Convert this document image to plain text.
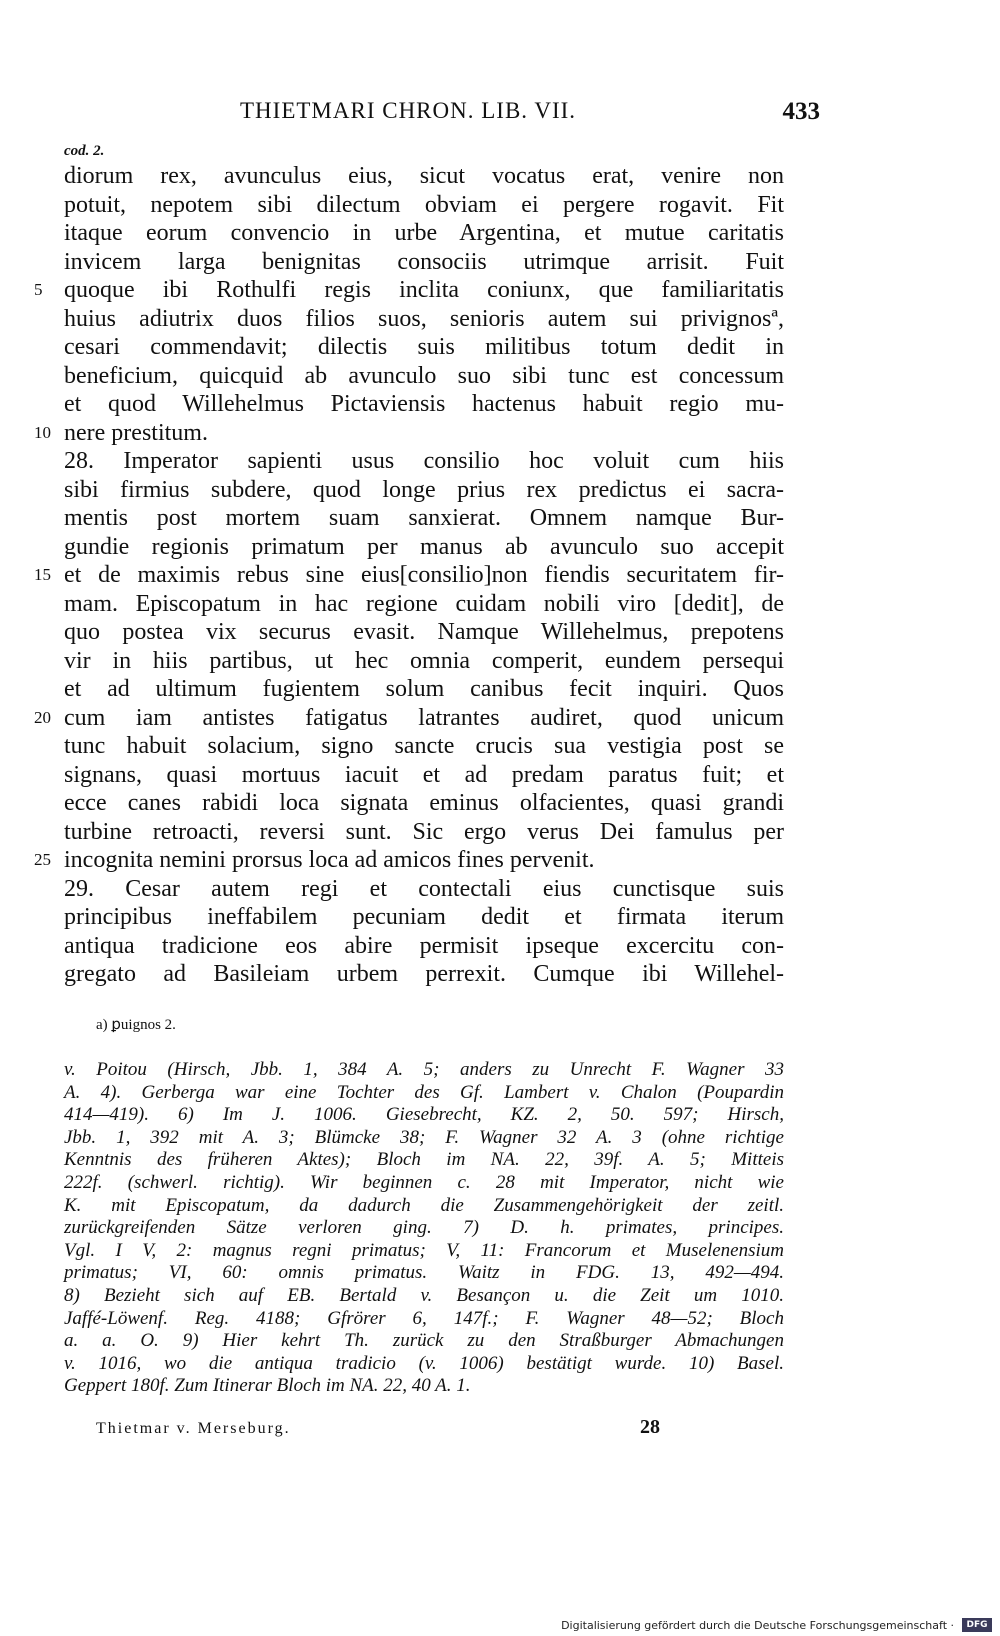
THIETMARI CHRON. LIB. VII.	433
cod. 2.
diorum rex, avunculus eius, sicut vocatus erat, venire non
potuit, nepotem sibi dilectum obviam ei pergere rogavit. Fit
itaque eorum convencio in urbe Argentina, et mutue caritatis
invicem larga benignitas consociis utrimque arrisit. Fuit
5 quoque ibi Rothulfi regis inclita coniunx, que familiaritatis
huius adiutrix duos filios suos, senioris autem sui privignosª,
cesari commendavit; dilectis suis militibus totum dedit in
beneficium, quicquid ab avunculo suo sibi tunc est concessum
et quod Willehelmus Pictaviensis hactenus habuit regio mu-
10 nere prestitum.
28. Imperator sapienti usus consilio hoc voluit cum hiis
sibi firmius subdere, quod longe prius rex predictus ei sacra-
mentis post mortem suam sanxierat. Omnem namque Bur-
gundie regionis primatum per manus ab avunculo suo accepit
15 et de maximis rebus sine eius[consilio]non fiendis securitatem fir-
mam. Episcopatum in hac regione cuidam nobili viro [dedit], de
quo postea vix securus evasit. Namque Willehelmus, prepotens
vir in hiis partibus, ut hec omnia comperit, eundem persequi
et ad ultimum fugientem solum canibus fecit inquiri. Quos
20 cum iam antistes fatigatus latrantes audiret, quod unicum
tunc habuit solacium, signo sancte crucis sua vestigia post se
signans, quasi mortuus iacuit et ad predam paratus fuit; et
ecce canes rabidi loca signata eminus olfacientes, quasi grandi
turbine retroacti, reversi sunt. Sic ergo verus Dei famulus per
25 incognita nemini prorsus loca ad amicos fines pervenit.
29. Cesar autem regi et contectali eius cunctisque suis
principibus ineffabilem pecuniam dedit et firmata iterum
antiqua tradicione eos abire permisit ipseque excercitu con-
gregato ad Basileiam urbem perrexit. Cumque ibi Willehel-
a) ꝑuignos 2.
v. Poitou (Hirsch, Jbb. 1, 384 A. 5; anders zu Unrecht F. Wagner 33
A. 4). Gerberga war eine Tochter des Gf. Lambert v. Chalon (Poupardin
414—419). 6) Im J. 1006. Giesebrecht, KZ. 2, 50. 597; Hirsch,
Jbb. 1, 392 mit A. 3; Blümcke 38; F. Wagner 32 A. 3 (ohne richtige
Kenntnis des früheren Aktes); Bloch im NA. 22, 39f. A. 5; Mitteis
222f. (schwerl. richtig). Wir beginnen c. 28 mit Imperator, nicht wie
K. mit Episcopatum, da dadurch die Zusammengehörigkeit der zeitl.
zurückgreifenden Sätze verloren ging. 7) D. h. primates, principes.
Vgl. I V, 2: magnus regni primatus; V, 11: Francorum et Muselenensium
primatus; VI, 60: omnis primatus. Waitz in FDG. 13, 492—494.
8) Bezieht sich auf EB. Bertald v. Besançon u. die Zeit um 1010.
Jaffé-Löwenf. Reg. 4188; Gfrörer 6, 147f.; F. Wagner 48—52; Bloch
a. a. O. 9) Hier kehrt Th. zurück zu den Straßburger Abmachungen
v. 1016, wo die antiqua tradicio (v. 1006) bestätigt wurde. 10) Basel.
Geppert 180f. Zum Itinerar Bloch im NA. 22, 40 A. 1.
Thietmar v. Merseburg.	28
Digitalisierung gefördert durch die Deutsche Forschungsgemeinschaft ·	DFG
